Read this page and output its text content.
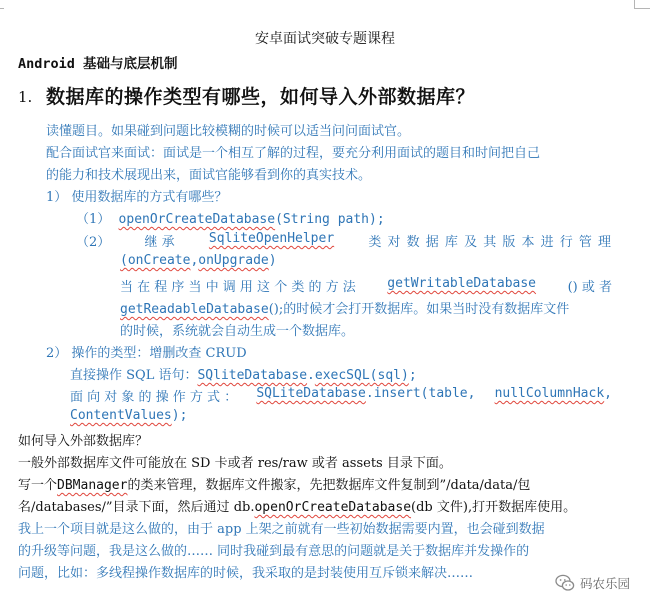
安卓面试突破专题课程
Android 基础与底层机制
1. 数据库的操作类型有哪些，如何导入外部数据库？
读懂题目。如果碰到问题比较模糊的时候可以适当问问面试官。
配合面试官来面试：面试是一个相互了解的过程，要充分利用面试的题目和时间把自己
的能力和技术展现出来，面试官能够看到你的真实技术。
1） 使用数据库的方式有哪些？
（1） openOrCreateDatabase(String path);
（2）	继 承	SqliteOpenHelper	类 对 数 据 库 及 其 版 本 进 行 管 理
(onCreate,onUpgrade)
当 在 程 序 当 中 调 用 这 个 类 的 方 法 getWritableDatabase () 或 者
getReadableDatabase();的时候才会打开数据库。如果当时没有数据库文件
的时候，系统就会自动生成一个数据库。
2） 操作的类型：增删改查 CRUD
直接操作 SQL 语句：SQliteDatabase.execSQL(sql);
面 向 对 象 的 操 作 方 式 ： SQLiteDatabase.insert(table, nullColumnHack,
ContentValues);
如何导入外部数据库？
一般外部数据库文件可能放在 SD 卡或者 res/raw 或者 assets 目录下面。
写一个DBManager的类来管理，数据库文件搬家，先把数据库文件复制到”/data/data/包
名/databases/”目录下面，然后通过 db.openOrCreateDatabase(db 文件),打开数据库使用。
我上一个项目就是这么做的，由于 app 上架之前就有一些初始数据需要内置，也会碰到数据
的升级等问题，我是这么做的…… 同时我碰到最有意思的问题就是关于数据库并发操作的
问题，比如：多线程操作数据库的时候，我采取的是封装使用互斥锁来解决……
码农乐园
